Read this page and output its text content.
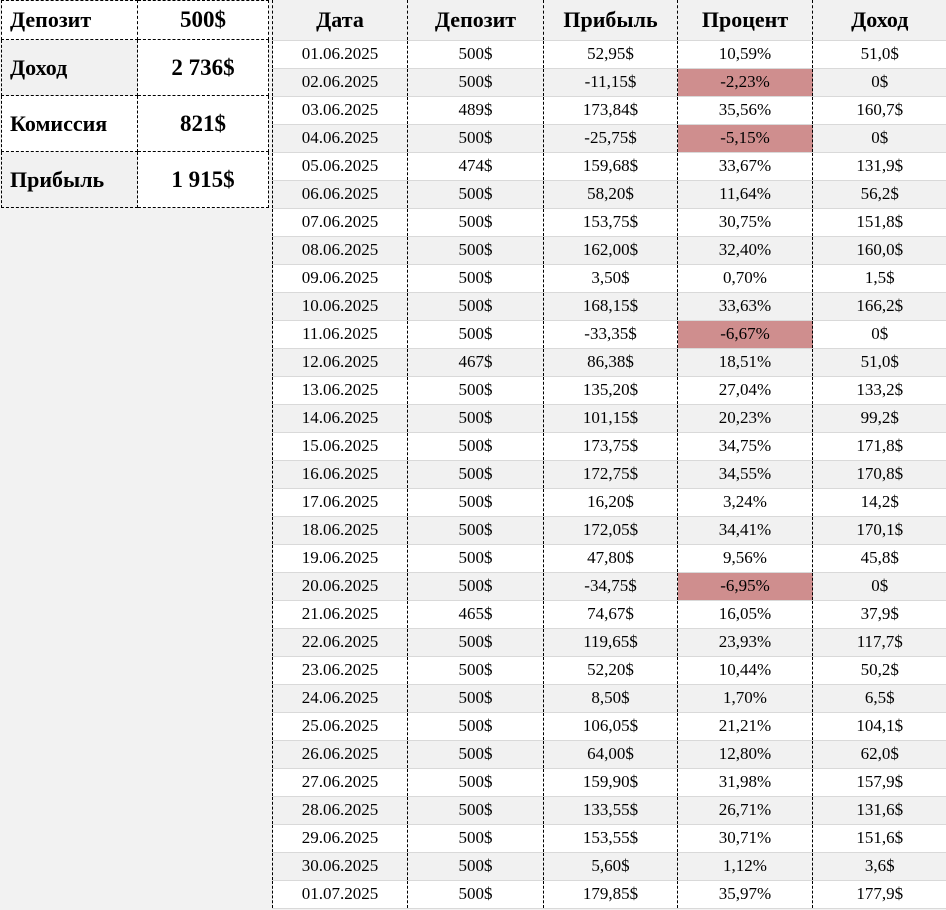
Депозит	500$
Доход	2 736$
Комиссия	821$
Прибыль	1 915$
Дата	Депозит	Прибыль	Процент	Доход
01.06.2025	500$	52,95$	10,59%	51,0$
02.06.2025	500$	-11,15$	-2,23%	0$
03.06.2025	489$	173,84$	35,56%	160,7$
04.06.2025	500$	-25,75$	-5,15%	0$
05.06.2025	474$	159,68$	33,67%	131,9$
06.06.2025	500$	58,20$	11,64%	56,2$
07.06.2025	500$	153,75$	30,75%	151,8$
08.06.2025	500$	162,00$	32,40%	160,0$
09.06.2025	500$	3,50$	0,70%	1,5$
10.06.2025	500$	168,15$	33,63%	166,2$
11.06.2025	500$	-33,35$	-6,67%	0$
12.06.2025	467$	86,38$	18,51%	51,0$
13.06.2025	500$	135,20$	27,04%	133,2$
14.06.2025	500$	101,15$	20,23%	99,2$
15.06.2025	500$	173,75$	34,75%	171,8$
16.06.2025	500$	172,75$	34,55%	170,8$
17.06.2025	500$	16,20$	3,24%	14,2$
18.06.2025	500$	172,05$	34,41%	170,1$
19.06.2025	500$	47,80$	9,56%	45,8$
20.06.2025	500$	-34,75$	-6,95%	0$
21.06.2025	465$	74,67$	16,05%	37,9$
22.06.2025	500$	119,65$	23,93%	117,7$
23.06.2025	500$	52,20$	10,44%	50,2$
24.06.2025	500$	8,50$	1,70%	6,5$
25.06.2025	500$	106,05$	21,21%	104,1$
26.06.2025	500$	64,00$	12,80%	62,0$
27.06.2025	500$	159,90$	31,98%	157,9$
28.06.2025	500$	133,55$	26,71%	131,6$
29.06.2025	500$	153,55$	30,71%	151,6$
30.06.2025	500$	5,60$	1,12%	3,6$
01.07.2025	500$	179,85$	35,97%	177,9$
